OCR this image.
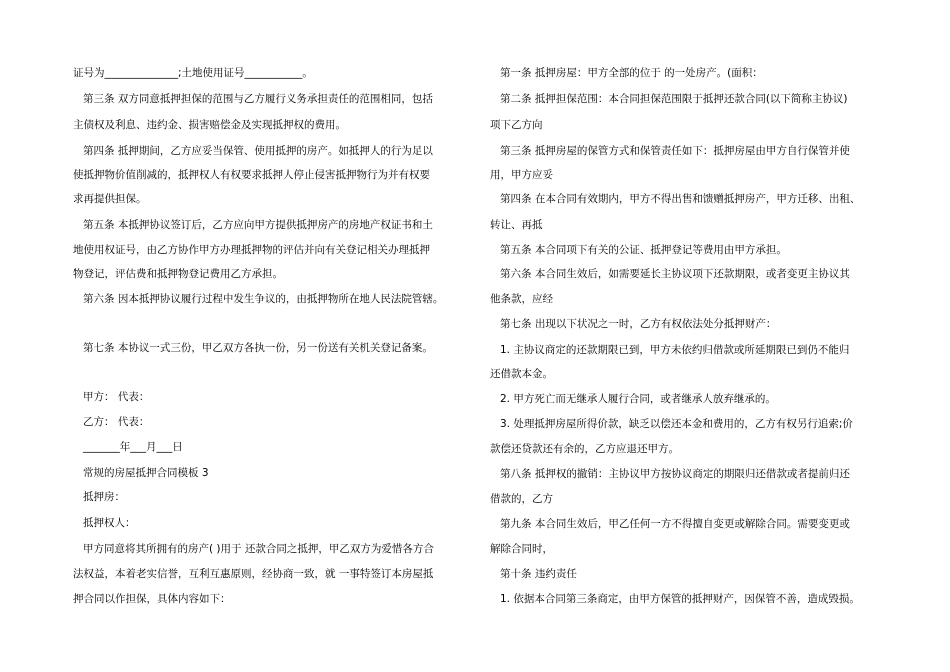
证号为______________;土地使用证号___________。
第三条 双方同意抵押担保的范围与乙方履行义务承担责任的范围相同，包括
主债权及利息、违约金、损害赔偿金及实现抵押权的费用。
第四条 抵押期间，乙方应妥当保管、使用抵押的房产。如抵押人的行为足以
使抵押物价值削减的，抵押权人有权要求抵押人停止侵害抵押物行为并有权要
求再提供担保。
第五条 本抵押协议签订后，乙方应向甲方提供抵押房产的房地产权证书和土
地使用权证号，由乙方协作甲方办理抵押物的评估并向有关登记相关办理抵押
物登记，评估费和抵押物登记费用乙方承担。
第六条 因本抵押协议履行过程中发生争议的，由抵押物所在地人民法院管辖。
第七条 本协议一式三份，甲乙双方各执一份，另一份送有关机关登记备案。
甲方： 代表：
乙方： 代表：
_______年___月___日
常规的房屋抵押合同模板 3
抵押房：
抵押权人：
甲方同意将其所拥有的房产( )用于 还款合同之抵押，甲乙双方为爱惜各方合
法权益，本着老实信誉，互利互惠原则，经协商一致，就 一事特签订本房屋抵
押合同以作担保，具体内容如下：
第一条 抵押房屋：甲方全部的位于 的一处房产。(面积：
第二条 抵押担保范围：本合同担保范围限于抵押还款合同(以下简称主协议)
项下乙方向
第三条 抵押房屋的保管方式和保管责任如下：抵押房屋由甲方自行保管并使
用，甲方应妥
第四条 在本合同有效期内，甲方不得出售和馈赠抵押房产，甲方迁移、出租、
转让、再抵
第五条 本合同项下有关的公证、抵押登记等费用由甲方承担。
第六条 本合同生效后，如需要延长主协议项下还款期限，或者变更主协议其
他条款，应经
第七条 出现以下状况之一时，乙方有权依法处分抵押财产：
1. 主协议商定的还款期限已到，甲方未依约归借款或所延期限已到仍不能归
还借款本金。
2. 甲方死亡而无继承人履行合同，或者继承人放弃继承的。
3. 处理抵押房屋所得价款，缺乏以偿还本金和费用的，乙方有权另行追索;价
款偿还贷款还有余的，乙方应退还甲方。
第八条 抵押权的撤销：主协议甲方按协议商定的期限归还借款或者提前归还
借款的，乙方
第九条 本合同生效后，甲乙任何一方不得擅自变更或解除合同。需要变更或
解除合同时，
第十条 违约责任
1. 依据本合同第三条商定，由甲方保管的抵押财产，因保管不善，造成毁损。
